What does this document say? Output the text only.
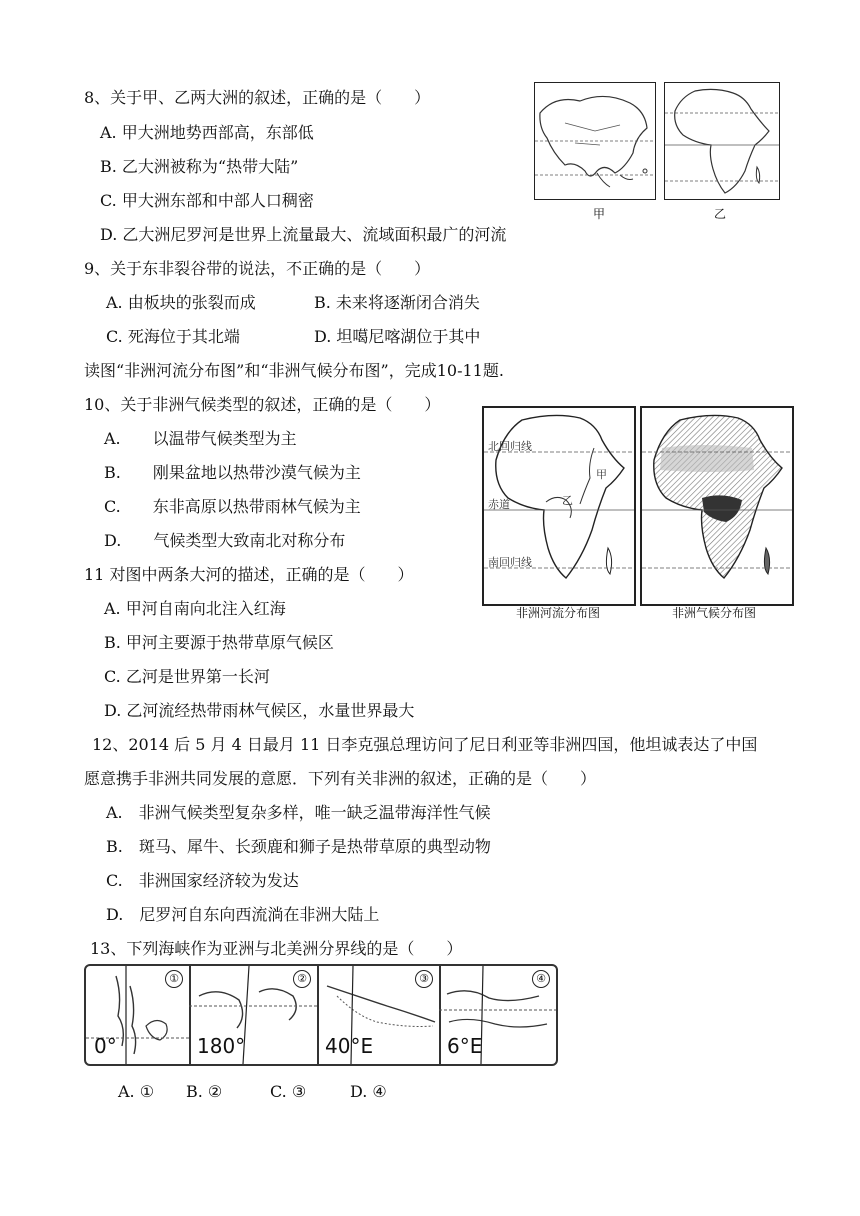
8、关于甲、乙两大洲的叙述，正确的是（　　）
A. 甲大洲地势西部高，东部低
B. 乙大洲被称为“热带大陆”
C. 甲大洲东部和中部人口稠密
D. 乙大洲尼罗河是世界上流量最大、流域面积最广的河流
甲	乙
9、关于东非裂谷带的说法，不正确的是（　　）
A. 由板块的张裂而成	B. 未来将逐渐闭合消失
C. 死海位于其北端	D. 坦噶尼喀湖位于其中
读图“非洲河流分布图”和“非洲气候分布图”，完成10-11题.
10、关于非洲气候类型的叙述，正确的是（　　）
A.　　以温带气候类型为主
B.　　刚果盆地以热带沙漠气候为主
C.　　东非高原以热带雨林气候为主
D.　　气候类型大致南北对称分布
北回归线
甲
赤道	乙
南回归线
非洲河流分布图	非洲气候分布图
11 对图中两条大河的描述，正确的是（　　）
A. 甲河自南向北注入红海
B. 甲河主要源于热带草原气候区
C. 乙河是世界第一长河
D. 乙河流经热带雨林气候区，水量世界最大
12、2014 后 5 月 4 日最月 11 日李克强总理访问了尼日利亚等非洲四国，他坦诚表达了中国
愿意携手非洲共同发展的意愿．下列有关非洲的叙述，正确的是（　　）
A.　非洲气候类型复杂多样，唯一缺乏温带海洋性气候
B.　斑马、犀牛、长颈鹿和狮子是热带草原的典型动物
C.　非洲国家经济较为发达
D.　尼罗河自东向西流淌在非洲大陆上
13、下列海峡作为亚洲与北美洲分界线的是（　　）
①
0°
②
180°
③
40°E
④
6°E
A. ① B. ②	C. ③	D. ④
